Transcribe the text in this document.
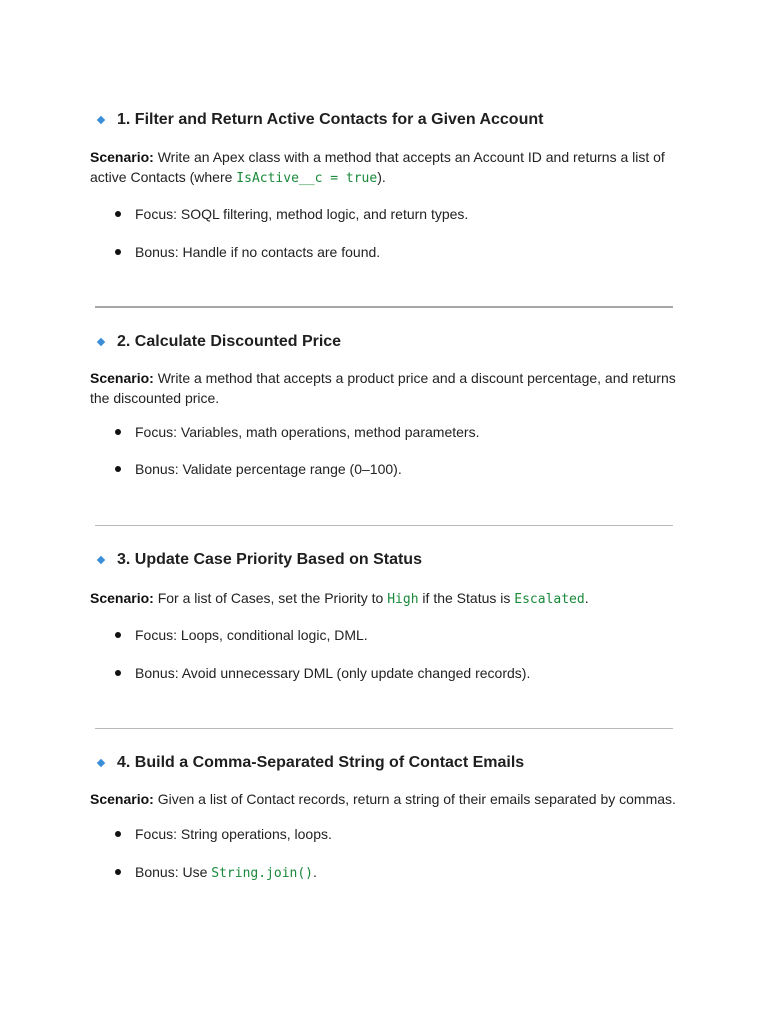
1. Filter and Return Active Contacts for a Given Account
Scenario: Write an Apex class with a method that accepts an Account ID and returns a list of active Contacts (where IsActive__c = true).
Focus: SOQL filtering, method logic, and return types.
Bonus: Handle if no contacts are found.
2. Calculate Discounted Price
Scenario: Write a method that accepts a product price and a discount percentage, and returns the discounted price.
Focus: Variables, math operations, method parameters.
Bonus: Validate percentage range (0–100).
3. Update Case Priority Based on Status
Scenario: For a list of Cases, set the Priority to High if the Status is Escalated.
Focus: Loops, conditional logic, DML.
Bonus: Avoid unnecessary DML (only update changed records).
4. Build a Comma-Separated String of Contact Emails
Scenario: Given a list of Contact records, return a string of their emails separated by commas.
Focus: String operations, loops.
Bonus: Use String.join().
